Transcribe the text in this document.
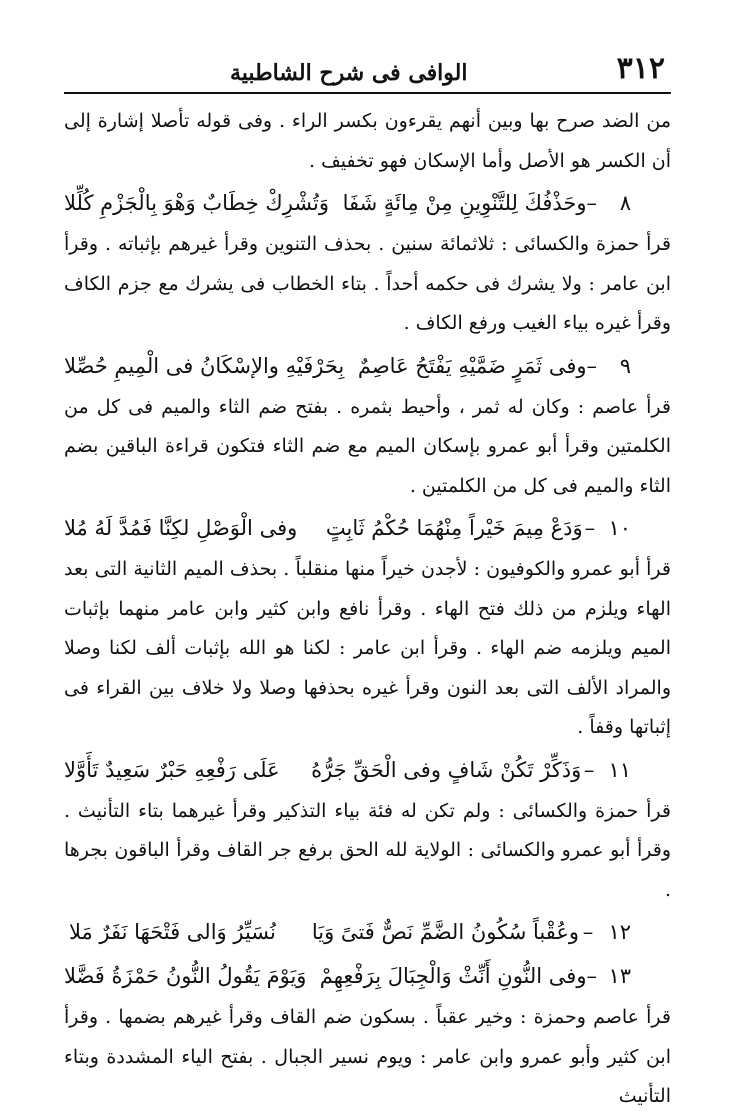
٣١٢
الوافى فى شرح الشاطبية

من الضد صرح بها وبين أنهم يقرءون بكسر الراء . وفى قوله تأصلا إشارة إلى أن الكسر هو الأصل وأما الإسكان فهو تخفيف .

٨
–
وحَذْفُكَ لِلتَّنْوِينِ مِنْ مِائَةٍ شَفَا
وَتُشْرِكْ خِطَابٌ وَهْوَ بِالْجَزْمِ كُلِّلا

قرأ حمزة والكسائى : ثلاثمائة سنين . بحذف التنوين وقرأ غيرهم بإثباته . وقرأ ابن عامر : ولا يشرك فى حكمه أحداً . بتاء الخطاب فى يشرك مع جزم الكاف وقرأ غيره بياء الغيب ورفع الكاف .

٩
–
وفى ثَمَرٍ ضَمَّيْهِ يَفْتَحُ عَاصِمٌ
بِحَرْفَيْهِ والإسْكَانُ فى الْمِيمِ حُصِّلا

قرأ عاصم : وكان له ثمر ، وأحيط بثمره . بفتح ضم الثاء والميم فى كل من الكلمتين وقرأ أبو عمرو بإسكان الميم مع ضم الثاء فتكون قراءة الباقين بضم الثاء والميم فى كل من الكلمتين .

١٠
–
وَدَعْ مِيمَ خَيْراً مِنْهُمَا حُكْمُ ثَابِتٍ
وفى الْوَصْلِ لكِنَّا فَمُدَّ لَهُ مُلا

قرأ أبو عمرو والكوفيون : لأجدن خيراً منها منقلباً . بحذف الميم الثانية التى بعد الهاء ويلزم من ذلك فتح الهاء . وقرأ نافع وابن كثير وابن عامر منهما بإثبات الميم ويلزمه ضم الهاء . وقرأ ابن عامر : لكنا هو الله بإثبات ألف لكنا وصلا والمراد الألف التى بعد النون وقرأ غيره بحذفها وصلا ولا خلاف بين القراء فى إثباتها وقفاً .

١١
–
وَذَكِّرْ تَكُنْ شَافٍ وفى الْحَقِّ جَرُّهُ
عَلَى رَفْعِهِ حَبْرٌ سَعِيدٌ تَأَوَّلا

قرأ حمزة والكسائى : ولم تكن له فئة بياء التذكير وقرأ غيرهما بتاء التأنيث . وقرأ أبو عمرو والكسائى : الولاية لله الحق برفع جر القاف وقرأ الباقون بجرها .

١٢
–
وعُقْباً سُكُونُ الضَّمِّ نَصٌّ فَتىً وَيَا
نُسَيِّرُ وَالى فَتْحَهَا نَفَرٌ مَلا
١٣
–
وفى النُّونِ أَنِّثْ وَالْجِبَالَ بِرَفْعِهِمْ
وَيَوْمَ يَقُولُ النُّونُ حَمْزَةُ فَضَّلا

قرأ عاصم وحمزة : وخير عقباً . بسكون ضم القاف وقرأ غيرهم بضمها . وقرأ ابن كثير وأبو عمرو وابن عامر : ويوم نسير الجبال . بفتح الياء المشددة وبتاء التأنيث
